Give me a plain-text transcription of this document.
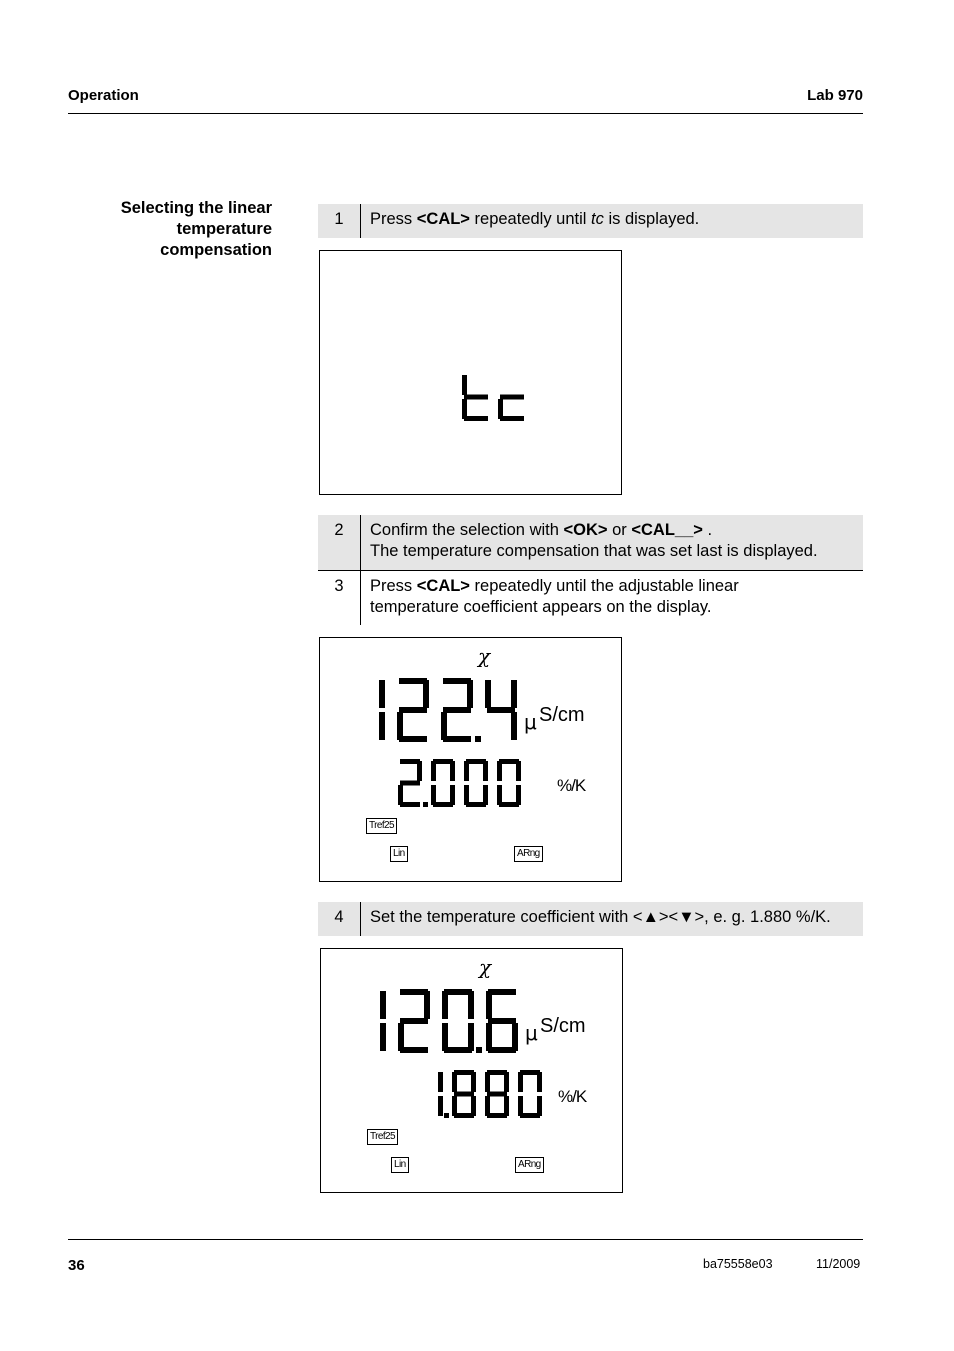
Operation	Lab 970
Selecting the linear temperature compensation
1	Press <CAL> repeatedly until tc is displayed.
2	Confirm the selection with <OK> or <CAL__> .
The temperature compensation that was set last is displayed.
3	Press <CAL> repeatedly until the adjustable linear
temperature coefficient appears on the display.
χ
μ S/cm
%/K
Tref25
Lin	ARng
4	Set the temperature coefficient with <▲><▼>, e. g. 1.880 %/K.
χ
μ S/cm
%/K
Tref25
Lin	ARng
36	ba75558e03	11/2009
